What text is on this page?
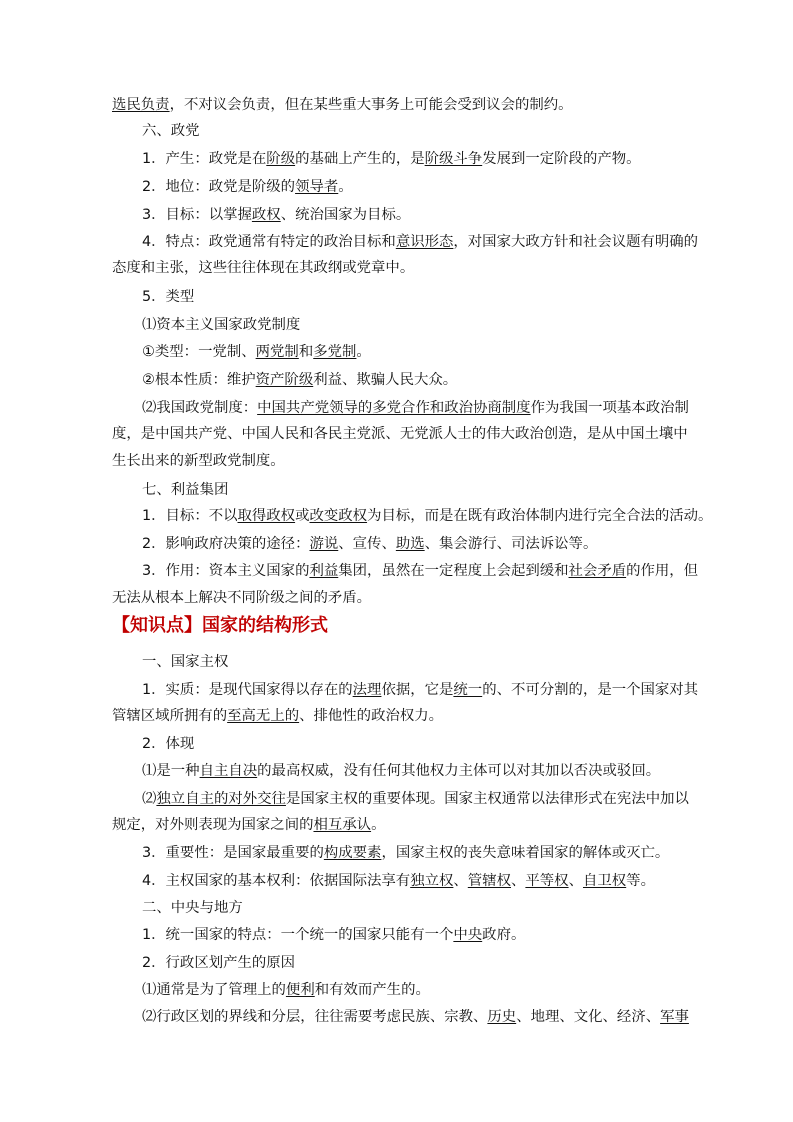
选民负责，不对议会负责，但在某些重大事务上可能会受到议会的制约。
六、政党
1．产生：政党是在阶级的基础上产生的，是阶级斗争发展到一定阶段的产物。
2．地位：政党是阶级的领导者。
3．目标：以掌握政权、统治国家为目标。
4．特点：政党通常有特定的政治目标和意识形态，对国家大政方针和社会议题有明确的
态度和主张，这些往往体现在其政纲或党章中。
5．类型
⑴资本主义国家政党制度
①类型：一党制、两党制和多党制。
②根本性质：维护资产阶级利益、欺骗人民大众。
⑵我国政党制度：中国共产党领导的多党合作和政治协商制度作为我国一项基本政治制
度，是中国共产党、中国人民和各民主党派、无党派人士的伟大政治创造，是从中国土壤中
生长出来的新型政党制度。
七、利益集团
1．目标：不以取得政权或改变政权为目标，而是在既有政治体制内进行完全合法的活动。
2．影响政府决策的途径：游说、宣传、助选、集会游行、司法诉讼等。
3．作用：资本主义国家的利益集团，虽然在一定程度上会起到缓和社会矛盾的作用，但
无法从根本上解决不同阶级之间的矛盾。
【知识点】国家的结构形式
一、国家主权
1．实质：是现代国家得以存在的法理依据，它是统一的、不可分割的，是一个国家对其
管辖区域所拥有的至高无上的、排他性的政治权力。
2．体现
⑴是一种自主自决的最高权威，没有任何其他权力主体可以对其加以否决或驳回。
⑵独立自主的对外交往是国家主权的重要体现。国家主权通常以法律形式在宪法中加以
规定，对外则表现为国家之间的相互承认。
3．重要性：是国家最重要的构成要素，国家主权的丧失意味着国家的解体或灭亡。
4．主权国家的基本权利：依据国际法享有独立权、管辖权、平等权、自卫权等。
二、中央与地方
1．统一国家的特点：一个统一的国家只能有一个中央政府。
2．行政区划产生的原因
⑴通常是为了管理上的便利和有效而产生的。
⑵行政区划的界线和分层，往往需要考虑民族、宗教、历史、地理、文化、经济、军事
